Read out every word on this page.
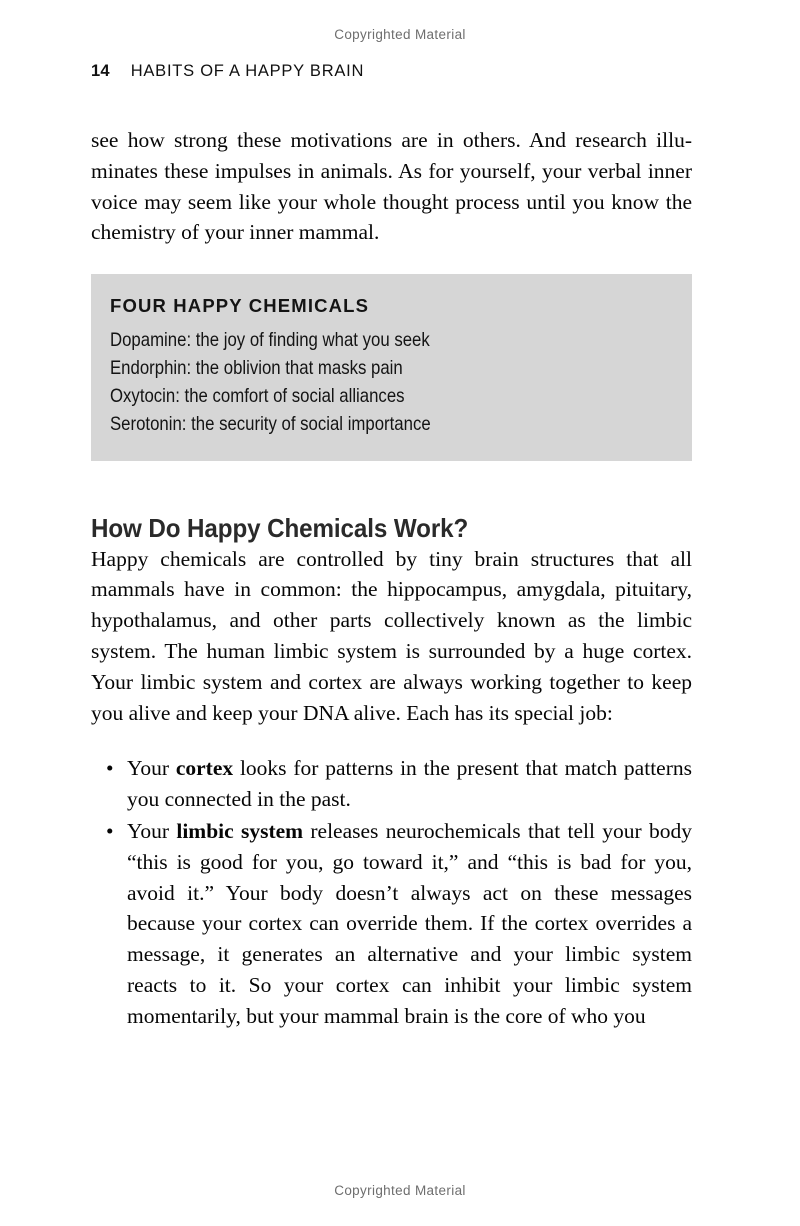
Copyrighted Material
14 HABITS OF A HAPPY BRAIN

see how strong these motivations are in others. And research illuminates these impulses in animals. As for yourself, your verbal inner voice may seem like your whole thought process until you know the chemistry of your inner mammal.

FOUR HAPPY CHEMICALS
Dopamine: the joy of finding what you seek
Endorphin: the oblivion that masks pain
Oxytocin: the comfort of social alliances
Serotonin: the security of social importance
How Do Happy Chemicals Work?

Happy chemicals are controlled by tiny brain structures that all mammals have in common: the hippocampus, amygdala, pituitary, hypothalamus, and other parts collectively known as the limbic system. The human limbic system is surrounded by a huge cortex. Your limbic system and cortex are always working together to keep you alive and keep your DNA alive. Each has its special job:

• Your cortex looks for patterns in the present that match patterns you connected in the past.
• Your limbic system releases neurochemicals that tell your body “this is good for you, go toward it,” and “this is bad for you, avoid it.” Your body doesn’t always act on these messages because your cortex can override them. If the cortex overrides a message, it generates an alternative and your limbic system reacts to it. So your cortex can inhibit your limbic system momentarily, but your mammal brain is the core of who you
Copyrighted Material
